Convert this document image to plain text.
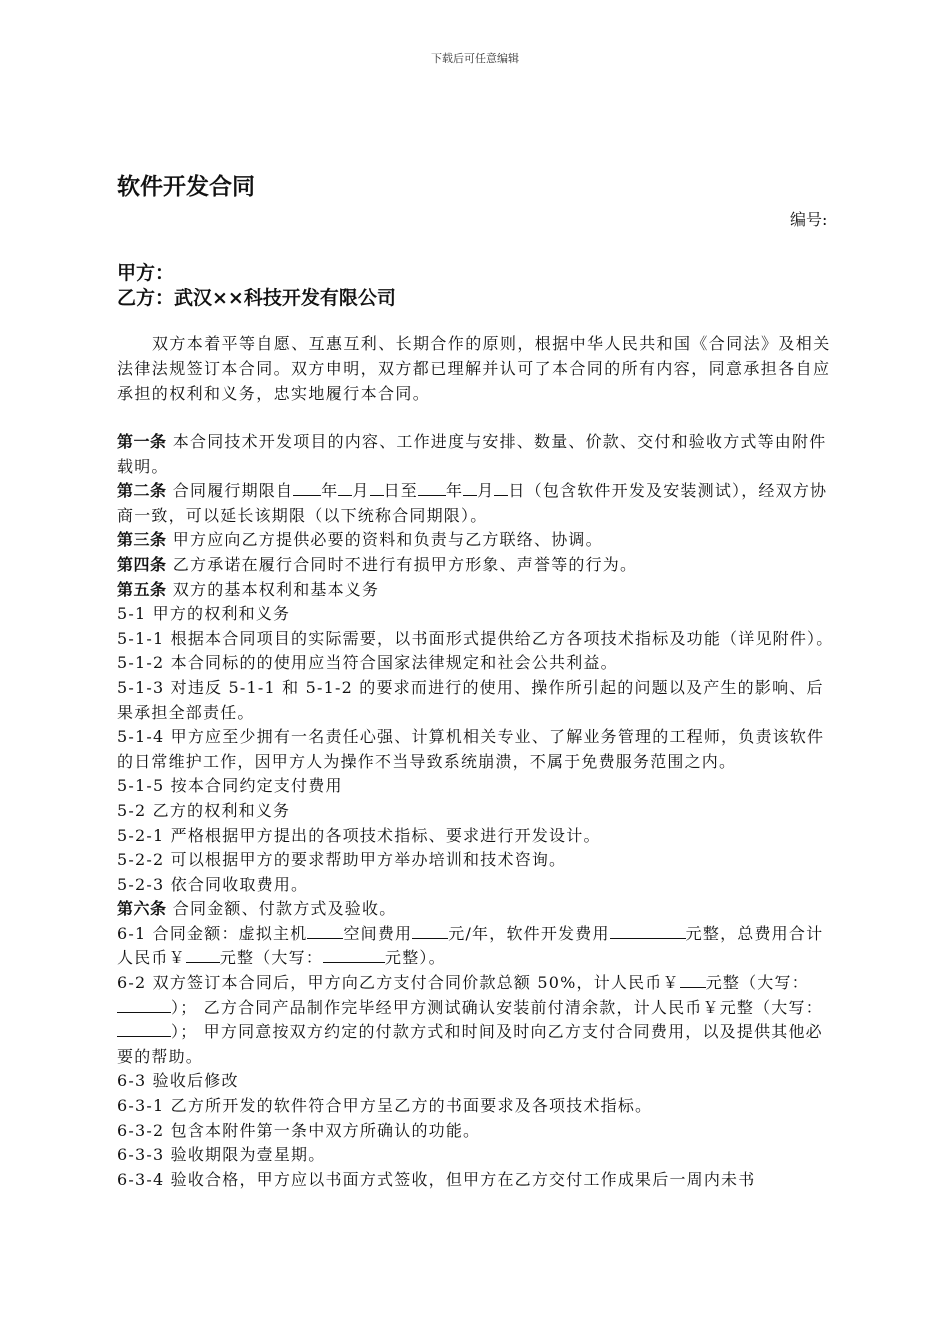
下载后可任意编辑
软件开发合同
编号:
甲方：
乙方：武汉××科技开发有限公司

双方本着平等自愿、互惠互利、长期合作的原则，根据中华人民共和国《合同法》及相关法律法规签订本合同。双方申明，双方都已理解并认可了本合同的所有内容，同意承担各自应承担的权利和义务，忠实地履行本合同。

第一条 本合同技术开发项目的内容、工作进度与安排、数量、价款、交付和验收方式等由附件载明。

第二条 合同履行期限自 年 月 日至 年 月 日（包含软件开发及安装测试），经双方协商一致，可以延长该期限（以下统称合同期限）。

第三条 甲方应向乙方提供必要的资料和负责与乙方联络、协调。

第四条 乙方承诺在履行合同时不进行有损甲方形象、声誉等的行为。

第五条 双方的基本权利和基本义务

5-1 甲方的权利和义务

5-1-1 根据本合同项目的实际需要，以书面形式提供给乙方各项技术指标及功能（详见附件）。

5-1-2 本合同标的的使用应当符合国家法律规定和社会公共利益。

5-1-3 对违反 5-1-1 和 5-1-2 的要求而进行的使用、操作所引起的问题以及产生的影响、后果承担全部责任。

5-1-4 甲方应至少拥有一名责任心强、计算机相关专业、了解业务管理的工程师，负责该软件的日常维护工作，因甲方人为操作不当导致系统崩溃，不属于免费服务范围之内。

5-1-5 按本合同约定支付费用

5-2 乙方的权利和义务

5-2-1 严格根据甲方提出的各项技术指标、要求进行开发设计。

5-2-2 可以根据甲方的要求帮助甲方举办培训和技术咨询。

5-2-3 依合同收取费用。

第六条 合同金额、付款方式及验收。

6-1 合同金额：虚拟主机 空间费用 元/年，软件开发费用	元整，总费用合计人民币￥ 元整（大写：	元整）。

6-2 双方签订本合同后，甲方向乙方支付合同价款总额 50%，计人民币￥ 元整（大写：）； 乙方合同产品制作完毕经甲方测试确认安装前付清余款，计人民币￥元整（大写：）； 甲方同意按双方约定的付款方式和时间及时向乙方支付合同费用，以及提供其他必要的帮助。

6-3 验收后修改

6-3-1 乙方所开发的软件符合甲方呈乙方的书面要求及各项技术指标。

6-3-2 包含本附件第一条中双方所确认的功能。

6-3-3 验收期限为壹星期。

6-3-4 验收合格，甲方应以书面方式签收，但甲方在乙方交付工作成果后一周内未书
